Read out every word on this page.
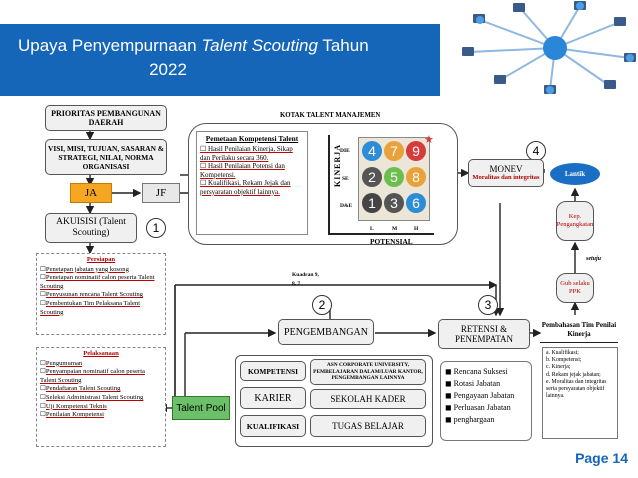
Upaya Penyempurnaan Talent Scouting Tahun
2022
PRIORITAS PEMBANGUNAN DAERAH
VISI, MISI, TUJUAN, SASARAN & STRATEGI, NILAI, NORMA ORGANISASI
JA	JF
AKUISISI (Talent Scouting)	1
KOTAK TALENT MANAJEMEN
Pemetaan Kompetensi Talent
☐ Hasil Penilaian Kinerja, Sikap dan Perilaku secara 360.
☐ Hasil Penilaian Potensi dan Kompetensi.
☐ Kualifikasi, Rekam Jejak dan persyaratan objektif lainnya.
KINERJA
POTENSIAL
DIE
SE
D&E
4	7	9
2	5	8
1	3	6
★
L	M	H
4
MONEV
Moralitas dan integritas	Lantik
Kep. Pengangkatan
setuju
Gub selaku PPK
Pembahasan Tim Penilai Kinerja
a. Kualifikasi;
b. Kompetensi;
c. Kinerja;
d. Rekam jejak jabatan;
e. Moralitas dan integritas serta persyaratan objektif lainnya.
Kuadran 9, 8, 7
2	3
Persiapan
☐Penetapan jabatan yang kosong
☐Penetapan nominatif calon peserta Talent Scouting
☐Penyusunan rencana Talent Scouting
☐Pembentukan Tim Pelaksana Talent Scouting
Pelaksanaan
☐Pengumuman
☐Penyampaian nominatif calon peserta Talent Scouting
☐Pendaftaran Talent Scouting
☐Seleksi Administrasi Talent Scouting
☐Uji Kompetensi Teknis
☐Penilaian Kompetensi
Talent Pool
PENGEMBANGAN	RETENSI & PENEMPATAN
KOMPETENSI
ASN CORPORATE UNIVERSITY, PEMBELAJARAN DALAM/LUAR KANTOR, PENGEMBANGAN LAINNYA
KARIER	SEKOLAH KADER
KUALIFIKASI	TUGAS BELAJAR
◼ Rencana Suksesi
◼ Rotasi Jabatan
◼ Pengayaan Jabatan
◼ Perluasan Jabatan
◼ penghargaan
Page 14
